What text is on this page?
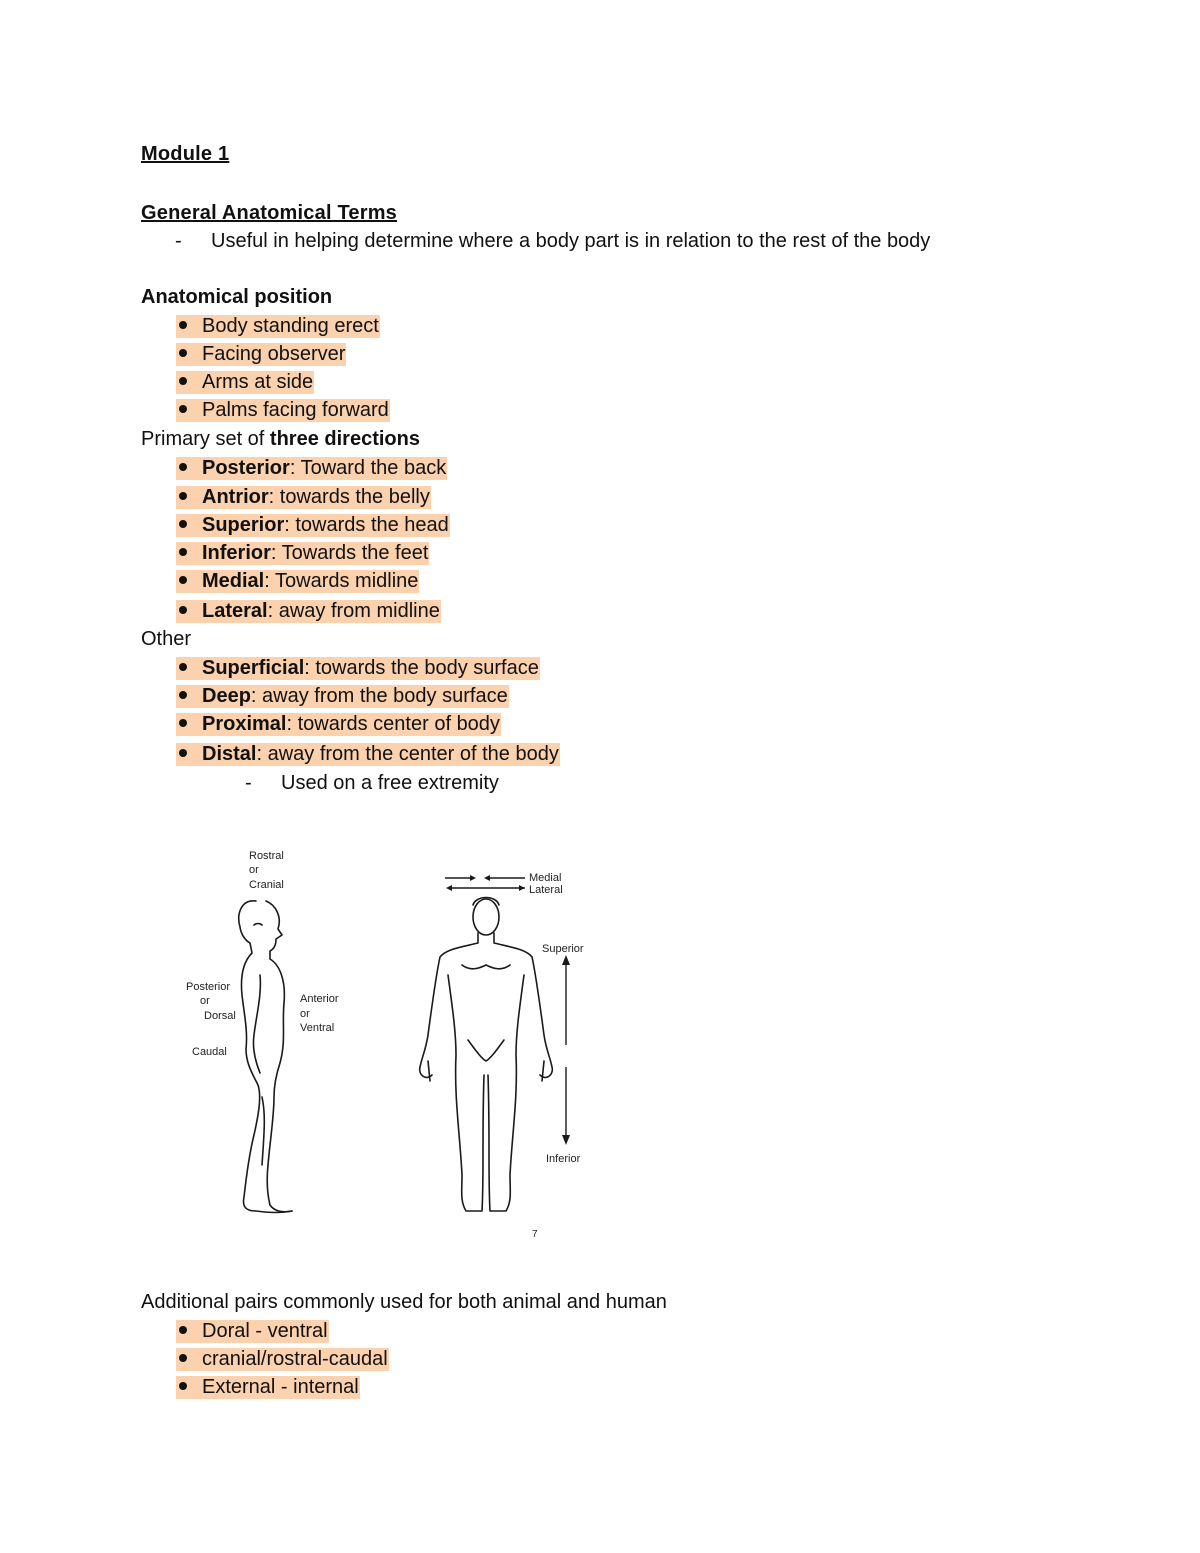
Module 1
General Anatomical Terms
- Useful in helping determine where a body part is in relation to the rest of the body
Anatomical position
Body standing erect
Facing observer
Arms at side
Palms facing forward
Primary set of three directions
Posterior: Toward the back
Antrior: towards the belly
Superior: towards the head
Inferior: Towards the feet
Medial: Towards midline
Lateral: away from midline
Other
Superficial: towards the body surface
Deep: away from the body surface
Proximal: towards center of body
Distal: away from the center of the body
- Used on a free extremity
Rostral
or
Cranial
Posterior
or
Dorsal
Caudal
Anterior
or
Ventral
Medial
Lateral
Superior
Inferior
7
Additional pairs commonly used for both animal and human
Doral - ventral
cranial/rostral-caudal
External - internal
